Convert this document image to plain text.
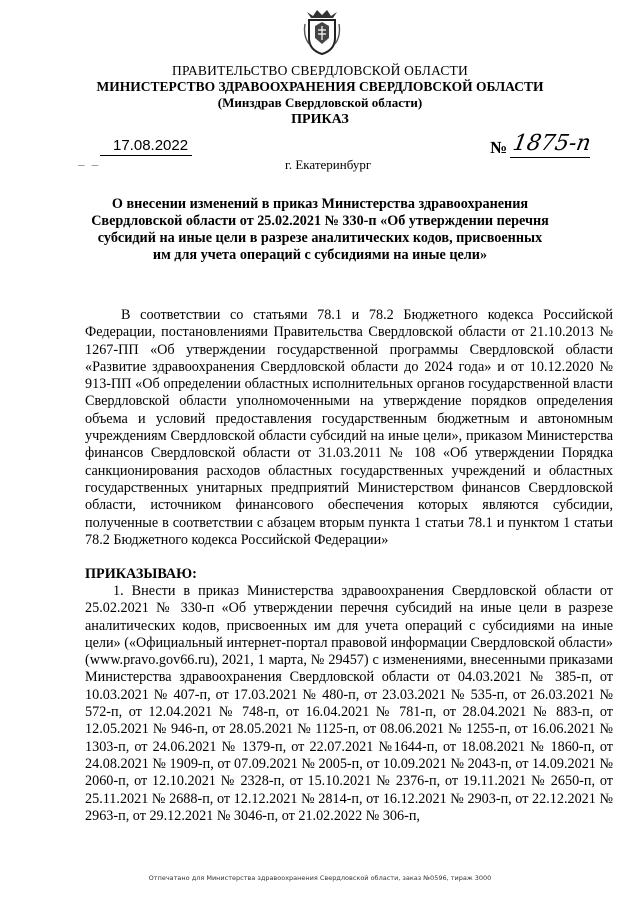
ПРАВИТЕЛЬСТВО СВЕРДЛОВСКОЙ ОБЛАСТИ
МИНИСТЕРСТВО ЗДРАВООХРАНЕНИЯ СВЕРДЛОВСКОЙ ОБЛАСТИ
(Минздрав Свердловской области)
ПРИКАЗ
_ _
17.08.2022
г. Екатеринбург
№ 1875-п
О внесении изменений в приказ Министерства здравоохранения Свердловской области от 25.02.2021 № 330-п «Об утверждении перечня субсидий на иные цели в разрезе аналитических кодов, присвоенных им для учета операций с субсидиями на иные цели»
В соответствии со статьями 78.1 и 78.2 Бюджетного кодекса Российской Федерации, постановлениями Правительства Свердловской области от 21.10.2013 № 1267-ПП «Об утверждении государственной программы Свердловской области «Развитие здравоохранения Свердловской области до 2024 года» и от 10.12.2020 № 913-ПП «Об определении областных исполнительных органов государственной власти Свердловской области уполномоченными на утверждение порядков определения объема и условий предоставления государственным бюджетным и автономным учреждениям Свердловской области субсидий на иные цели», приказом Министерства финансов Свердловской области от 31.03.2011 № 108 «Об утверждении Порядка санкционирования расходов областных государственных учреждений и областных государственных унитарных предприятий Министерством финансов Свердловской области, источником финансового обеспечения которых являются субсидии, полученные в соответствии с абзацем вторым пункта 1 статьи 78.1 и пунктом 1 статьи 78.2 Бюджетного кодекса Российской Федерации»
ПРИКАЗЫВАЮ:
1. Внести в приказ Министерства здравоохранения Свердловской области от 25.02.2021 № 330-п «Об утверждении перечня субсидий на иные цели в разрезе аналитических кодов, присвоенных им для учета операций с субсидиями на иные цели» («Официальный интернет-портал правовой информации Свердловской области» (www.pravo.gov66.ru), 2021, 1 марта, № 29457) с изменениями, внесенными приказами Министерства здравоохранения Свердловской области от 04.03.2021 № 385-п, от 10.03.2021 № 407-п, от 17.03.2021 № 480-п, от 23.03.2021 № 535-п, от 26.03.2021 № 572-п, от 12.04.2021 № 748-п, от 16.04.2021 № 781-п, от 28.04.2021 № 883-п, от 12.05.2021 № 946-п, от 28.05.2021 № 1125-п, от 08.06.2021 № 1255-п, от 16.06.2021 № 1303-п, от 24.06.2021 № 1379-п, от 22.07.2021 №1644-п, от 18.08.2021 № 1860-п, от 24.08.2021 № 1909-п, от 07.09.2021 № 2005-п, от 10.09.2021 № 2043-п, от 14.09.2021 № 2060-п, от 12.10.2021 № 2328-п, от 15.10.2021 № 2376-п, от 19.11.2021 № 2650-п, от 25.11.2021 № 2688-п, от 12.12.2021 № 2814-п, от 16.12.2021 № 2903-п, от 22.12.2021 № 2963-п, от 29.12.2021 № 3046-п, от 21.02.2022 № 306-п,
Отпечатано для Министерства здравоохранения Свердловской области, заказ №0596, тираж 3000
